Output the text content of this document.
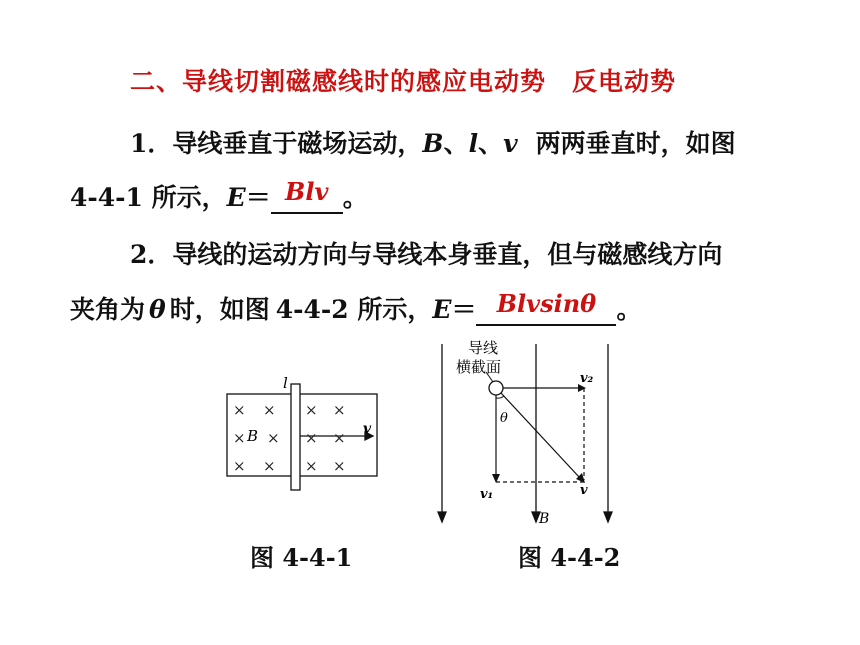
二、导线切割磁感线时的感应电动势　反电动势
1．导线垂直于磁场运动，B、l、v 两两垂直时，如图
4-4-1 所示，E＝ Blv 。
2．导线的运动方向与导线本身垂直，但与磁感线方向
夹角为 θ 时，如图 4-4-2 所示，E＝ Blvsinθ 。
× × × ×
× × × ×
× × × ×
B
l
v
图 4-4-1
导线
横截面
v₂
θ
v₁	v
B
图 4-4-2
